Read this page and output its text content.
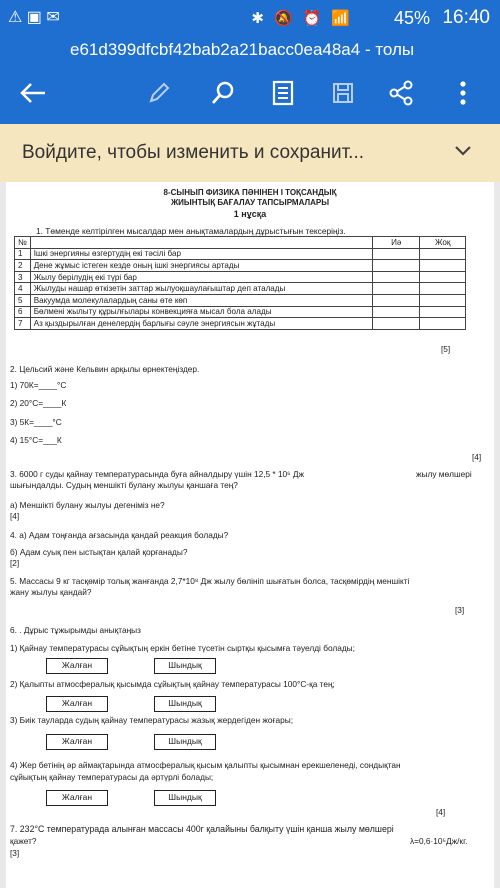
⚠ ▣ ✉	✱ 🔕 ⏰ 📶 45% 16:40
e61d399dfcbf42bab2a21bacc0ea48a4 - толы
Войдите, чтобы изменить и сохранит...
8-СЫНЫП ФИЗИКА ПӘНІНЕН І ТОҚСАНДЫҚ
ЖИЫНТЫҚ БАҒАЛАУ ТАПСЫРМАЛАРЫ
1 нұсқа
1. Төменде келтірілген мысалдар мен анықтамалардың дұрыстығын тексеріңіз.
№		Иә	Жоқ
1	Ішкі энергияны өзгертудің екі тәсілі бар		
2	Дене жұмыс істеген кезде оның ішкі энергиясы артады		
3	Жылу берілудің екі түрі бар		
4	Жылуды нашар өткізетін заттар жылуоқшаулағыштар деп аталады		
5	Вакуумда молекулалардың саны өте көп		
6	Бөлмені жылыту құрылғылары конвекцияға мысал бола алады		
7	Аз қыздырылған денелердің барлығы сәуле энергиясын жұтады		
[5]
2. Цельсий және Кельвин арқылы өрнектеңіздер.
1) 70К=____°С
2) 20°С=____К
3) 5К=____°С
4) 15°С=___К
[4]
3. 6000 г суды қайнау температурасында буға айналдыру үшін 12,5 * 10⁶ Дж	жылу мөлшері
шығындалды. Судың меншікті булану жылуы қаншаға тең?
а) Меншікті булану жылуы дегеніміз не?
[4]
4. а) Адам тоңғанда ағзасында қандай реакция болады?
б) Адам суық пен ыстықтан қалай қорғанады?
[2]
5. Массасы 9 кг тасқөмір толық жанғанда 2,7*10⁸ Дж жылу бөлініп шығатын болса, тасқөмірдің меншікті
жану жылуы қандай?
[3]
6. . Дұрыс тұжырымды анықтаңыз
1) Қайнау температурасы сұйықтың еркін бетіне түсетін сыртқы қысымға тәуелді болады;
Жалған	Шындық
2) Қалыпты атмосфералық қысымда сұйықтың қайнау температурасы 100°С-қа тең;
Жалған	Шындық
3) Биік тауларда судың қайнау температурасы жазық жердегіден жоғары;
Жалған	Шындық
4) Жер бетінің әр аймақтарында атмосфералық қысым қалыпты қысымнан ерекшеленеді, сондықтан
сұйықтың қайнау температурасы да әртүрлі болады;
Жалған	Шындық
[4]
7. 232°С температурада алынған массасы 400г қалайыны балқыту үшін қанша жылу мөлшері
қажет?	λ=0,6·10⁵Дж/кг.
[3]
